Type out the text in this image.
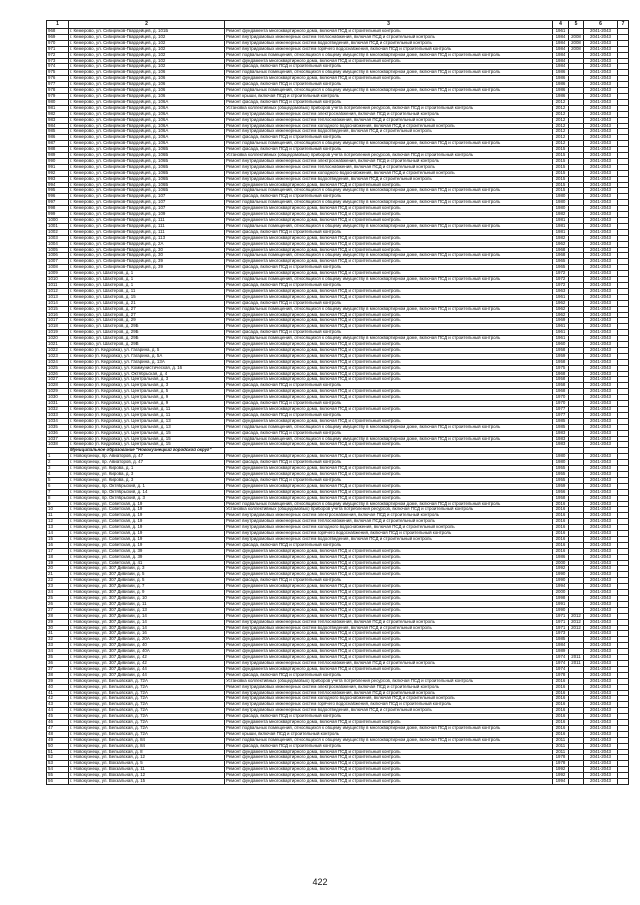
1	2	3	4	5	6	7
968	г. Кемерово, ул. Сибиряков-Гвардейцев, д. 101Б	Ремонт фундамента многоквартирного дома, включая ПСД и строительный контроль	1961		2041-2043	
969	г. Кемерово, ул. Сибиряков-Гвардейцев, д. 102	Ремонт внутридомовых инженерных систем теплоснабжения, включая ПСД и строительный контроль	1984	2008	2041-2043	
970	г. Кемерово, ул. Сибиряков-Гвардейцев, д. 102	Ремонт внутридомовых инженерных систем водоотведения, включая ПСД и строительный контроль	1984	2008	2041-2043	
971	г. Кемерово, ул. Сибиряков-Гвардейцев, д. 102	Ремонт внутридомовых инженерных систем горячего водоснабжения, включая ПСД и строительный контроль	1984	2008	2041-2043	
972	г. Кемерово, ул. Сибиряков-Гвардейцев, д. 102	Ремонт подвальных помещений, относящихся к общему имуществу в многоквартирном доме, включая ПСД и строительный контроль	1984		2041-2043	
973	г. Кемерово, ул. Сибиряков-Гвардейцев, д. 102	Ремонт фундамента многоквартирного дома, включая ПСД и строительный контроль	1984		2041-2043	
974	г. Кемерово, ул. Сибиряков-Гвардейцев, д. 102	Ремонт фасада, включая ПСД и строительный контроль	1984		2041-2043	
975	г. Кемерово, ул. Сибиряков-Гвардейцев, д. 106	Ремонт подвальных помещений, относящихся к общему имуществу в многоквартирном доме, включая ПСД и строительный контроль	1986		2041-2043	
976	г. Кемерово, ул. Сибиряков-Гвардейцев, д. 106	Ремонт фундамента многоквартирного дома, включая ПСД и строительный контроль	1986		2041-2043	
977	г. Кемерово, ул. Сибиряков-Гвардейцев, д. 106	Ремонт фасада, включая ПСД и строительный контроль	1986		2041-2043	
978	г. Кемерово, ул. Сибиряков-Гвардейцев, д. 106	Ремонт подвальных помещений, относящихся к общему имуществу в многоквартирном доме, включая ПСД и строительный контроль	1986		2041-2043	
979	г. Кемерово, ул. Сибиряков-Гвардейцев, д. 106	Ремонт крыши, включая ПСД и строительный контроль	1986		2041-2043	
980	г. Кемерово, ул. Сибиряков-Гвардейцев, д. 106А	Ремонт фасада, включая ПСД и строительный контроль	2012		2041-2043	
981	г. Кемерово, ул. Сибиряков-Гвардейцев, д. 106А	Установка коллективных (общедомовых) приборов учета потребления ресурсов, включая ПСД и строительный контроль	2012		2041-2043	
982	г. Кемерово, ул. Сибиряков-Гвардейцев, д. 106А	Ремонт внутридомовых инженерных систем электроснабжения, включая ПСД и строительный контроль	2012		2041-2043	
983	г. Кемерово, ул. Сибиряков-Гвардейцев, д. 106А	Ремонт внутридомовых инженерных систем теплоснабжения, включая ПСД и строительный контроль	2012		2041-2043	
984	г. Кемерово, ул. Сибиряков-Гвардейцев, д. 106А	Ремонт внутридомовых инженерных систем холодного водоснабжения, включая ПСД и строительный контроль	2012		2041-2043	
985	г. Кемерово, ул. Сибиряков-Гвардейцев, д. 106А	Ремонт внутридомовых инженерных систем водоотведения, включая ПСД и строительный контроль	2012		2041-2043	
986	г. Кемерово, ул. Сибиряков-Гвардейцев, д. 106А	Ремонт фасада, включая ПСД и строительный контроль	2012		2041-2043	
987	г. Кемерово, ул. Сибиряков-Гвардейцев, д. 106А	Ремонт подвальных помещений, относящихся к общему имуществу в многоквартирном доме, включая ПСД и строительный контроль	2012		2041-2043	
988	г. Кемерово, ул. Сибиряков-Гвардейцев, д. 106Б	Ремонт фасада, включая ПСД и строительный контроль	2015		2041-2043	
989	г. Кемерово, ул. Сибиряков-Гвардейцев, д. 106Б	Установка коллективных (общедомовых) приборов учета потребления ресурсов, включая ПСД и строительный контроль	2015		2041-2043	
990	г. Кемерово, ул. Сибиряков-Гвардейцев, д. 106Б	Ремонт внутридомовых инженерных систем электроснабжения, включая ПСД и строительный контроль	2015		2041-2043	
991	г. Кемерово, ул. Сибиряков-Гвардейцев, д. 106Б	Ремонт внутридомовых инженерных систем теплоснабжения, включая ПСД и строительный контроль	2015		2041-2043	
992	г. Кемерово, ул. Сибиряков-Гвардейцев, д. 106Б	Ремонт внутридомовых инженерных систем холодного водоснабжения, включая ПСД и строительный контроль	2015		2041-2043	
993	г. Кемерово, ул. Сибиряков-Гвардейцев, д. 106Б	Ремонт внутридомовых инженерных систем водоотведения, включая ПСД и строительный контроль	2015		2041-2043	
994	г. Кемерово, ул. Сибиряков-Гвардейцев, д. 106Б	Ремонт фундамента многоквартирного дома, включая ПСД и строительный контроль	2015		2041-2043	
995	г. Кемерово, ул. Сибиряков-Гвардейцев, д. 106Б	Ремонт подвальных помещений, относящихся к общему имуществу в многоквартирном доме, включая ПСД и строительный контроль	2015		2041-2043	
996	г. Кемерово, ул. Сибиряков-Гвардейцев, д. 107	Ремонт фасада, включая ПСД и строительный контроль	1980		2041-2043	
997	г. Кемерово, ул. Сибиряков-Гвардейцев, д. 107	Ремонт подвальных помещений, относящихся к общему имуществу в многоквартирном доме, включая ПСД и строительный контроль	1980		2041-2043	
998	г. Кемерово, ул. Сибиряков-Гвардейцев, д. 107	Ремонт фундамента многоквартирного дома, включая ПСД и строительный контроль	1980		2041-2043	
999	г. Кемерово, ул. Сибиряков-Гвардейцев, д. 109	Ремонт фундамента многоквартирного дома, включая ПСД и строительный контроль	1982		2041-2043	
1000	г. Кемерово, ул. Сибиряков-Гвардейцев, д. 111	Ремонт фундамента многоквартирного дома, включая ПСД и строительный контроль	1981		2041-2043	
1001	г. Кемерово, ул. Сибиряков-Гвардейцев, д. 111	Ремонт подвальных помещений, относящихся к общему имуществу в многоквартирном доме, включая ПСД и строительный контроль	1981		2041-2043	
1002	г. Кемерово, ул. Сибиряков-Гвардейцев, д. 111	Ремонт фасада, включая ПСД и строительный контроль	1981		2041-2043	
1003	г. Кемерово, ул. Сибиряков-Гвардейцев, д. 113	Ремонт фундамента многоквартирного дома, включая ПСД и строительный контроль	1982		2041-2043	
1004	г. Кемерово, ул. Сибиряков-Гвардейцев, д. 2А	Ремонт фундамента многоквартирного дома, включая ПСД и строительный контроль	1962		2041-2043	
1005	г. Кемерово, ул. Сибиряков-Гвардейцев, д. 30	Ремонт фундамента многоквартирного дома, включая ПСД и строительный контроль	1968		2041-2043	
1006	г. Кемерово, ул. Сибиряков-Гвардейцев, д. 30	Ремонт подвальных помещений, относящихся к общему имуществу в многоквартирном доме, включая ПСД и строительный контроль	1968		2041-2043	
1007	г. Кемерово, ул. Сибиряков-Гвардейцев, д. 39	Ремонт фундамента многоквартирного дома, включая ПСД и строительный контроль	1965		2041-2043	
1008	г. Кемерово, ул. Сибиряков-Гвардейцев, д. 39	Ремонт фасада, включая ПСД и строительный контроль	1965		2041-2043	
1009	г. Кемерово, ул. Шахтеров, д. 1	Ремонт фундамента многоквартирного дома, включая ПСД и строительный контроль	1972		2041-2043	
1010	г. Кемерово, ул. Шахтеров, д. 1	Ремонт подвальных помещений, относящихся к общему имуществу в многоквартирном доме, включая ПСД и строительный контроль	1972		2041-2043	
1011	г. Кемерово, ул. Шахтеров, д. 1	Ремонт фасада, включая ПСД и строительный контроль	1972		2041-2043	
1012	г. Кемерово, ул. Шахтеров, д. 11	Ремонт фундамента многоквартирного дома, включая ПСД и строительный контроль	1963		2041-2043	
1013	г. Кемерово, ул. Шахтеров, д. 15	Ремонт фундамента многоквартирного дома, включая ПСД и строительный контроль	1961		2041-2043	
1014	г. Кемерово, ул. Шахтеров, д. 21	Ремонт фасада, включая ПСД и строительный контроль	1962		2041-2043	
1015	г. Кемерово, ул. Шахтеров, д. 27	Ремонт подвальных помещений, относящихся к общему имуществу в многоквартирном доме, включая ПСД и строительный контроль	1962		2041-2043	
1016	г. Кемерово, ул. Шахтеров, д. 27	Ремонт фундамента многоквартирного дома, включая ПСД и строительный контроль	1962		2041-2043	
1017	г. Кемерово, ул. Шахтеров, д. 29	Ремонт фундамента многоквартирного дома, включая ПСД и строительный контроль	1969		2041-2043	
1018	г. Кемерово, ул. Шахтеров, д. 29Б	Ремонт фундамента многоквартирного дома, включая ПСД и строительный контроль	1961		2041-2043	
1019	г. Кемерово, ул. Шахтеров, д. 29Б	Ремонт фасада, включая ПСД и строительный контроль	1961		2041-2043	
1020	г. Кемерово, ул. Шахтеров, д. 29Б	Ремонт подвальных помещений, относящихся к общему имуществу в многоквартирном доме, включая ПСД и строительный контроль	1961		2041-2043	
1021	г. Кемерово, ул. Шахтеров, д. 29В	Ремонт фундамента многоквартирного дома, включая ПСД и строительный контроль	1960		2041-2043	
1022	г. Кемерово (п. Кедровка), ул. Гагарина, д. 5	Ремонт фундамента многоквартирного дома, включая ПСД и строительный контроль	1958		2041-2043	
1023	г. Кемерово (п. Кедровка), ул. Гагарина, д. 5А	Ремонт фундамента многоквартирного дома, включая ПСД и строительный контроль	1959		2041-2043	
1024	г. Кемерово (п. Кедровка), ул. Гагарина, д. 13А	Ремонт фундамента многоквартирного дома, включая ПСД и строительный контроль	1958		2041-2043	
1025	г. Кемерово (п. Кедровка), ул. Коммунистическая, д. 16	Ремонт фундамента многоквартирного дома, включая ПСД и строительный контроль	1975		2041-2043	
1026	г. Кемерово (п. Кедровка), ул. Октябрьская, д. 4	Ремонт фундамента многоквартирного дома, включая ПСД и строительный контроль	1968		2041-2043	
1027	г. Кемерово (п. Кедровка), ул. Центральная, д. 3	Ремонт фундамента многоквартирного дома, включая ПСД и строительный контроль	1958		2041-2043	
1028	г. Кемерово (п. Кедровка), ул. Центральная, д. 3	Ремонт фасада, включая ПСД и строительный контроль	1958		2041-2043	
1029	г. Кемерово (п. Кедровка), ул. Центральная, д. 5	Ремонт фундамента многоквартирного дома, включая ПСД и строительный контроль	1968		2041-2043	
1030	г. Кемерово (п. Кедровка), ул. Центральная, д. 9	Ремонт фундамента многоквартирного дома, включая ПСД и строительный контроль	1970		2041-2043	
1031	г. Кемерово (п. Кедровка), ул. Центральная, д. 9	Ремонт фасада, включая ПСД и строительный контроль	1970		2041-2043	
1032	г. Кемерово (п. Кедровка), ул. Центральная, д. 11	Ремонт фундамента многоквартирного дома, включая ПСД и строительный контроль	1977		2041-2043	
1033	г. Кемерово (п. Кедровка), ул. Центральная, д. 11	Ремонт фасада, включая ПСД и строительный контроль	1977		2041-2043	
1034	г. Кемерово (п. Кедровка), ул. Центральная, д. 13	Ремонт фундамента многоквартирного дома, включая ПСД и строительный контроль	1985		2041-2043	
1035	г. Кемерово (п. Кедровка), ул. Центральная, д. 13	Ремонт подвальных помещений, относящихся к общему имуществу в многоквартирном доме, включая ПСД и строительный контроль	1985		2041-2043	
1036	г. Кемерово (п. Кедровка), ул. Центральная, д. 15	Ремонт фасада, включая ПСД и строительный контроль	1983		2041-2043	
1037	г. Кемерово (п. Кедровка), ул. Центральная, д. 15	Ремонт подвальных помещений, относящихся к общему имуществу в многоквартирном доме, включая ПСД и строительный контроль	1983		2041-2043	
1038	г. Кемерово (п. Кедровка), ул. Центральная, д. 15	Ремонт фундамента многоквартирного дома, включая ПСД и строительный контроль	1983		2041-2043	
	Муниципальное образование "Новокузнецкий городской округ"					
1	г. Новокузнецк, пр. Авиаторов, д. 47	Ремонт фундамента многоквартирного дома, включая ПСД и строительный контроль	1980		2041-2043	
2	г. Новокузнецк, пр. Авиаторов, д. 47	Ремонт фасада, включая ПСД и строительный контроль	1980		2041-2043	
3	г. Новокузнецк, ул. Кирова, д. 1	Ремонт фундамента многоквартирного дома, включая ПСД и строительный контроль	1955		2041-2043	
4	г. Новокузнецк, ул. Кирова, д. 3	Ремонт фундамента многоквартирного дома, включая ПСД и строительный контроль	1955		2041-2043	
5	г. Новокузнецк, ул. Кирова, д. 3	Ремонт фасада, включая ПСД и строительный контроль	1955		2041-2043	
6	г. Новокузнецк, пр. Октябрьский, д. 1	Ремонт фундамента многоквартирного дома, включая ПСД и строительный контроль	1959		2041-2043	
7	г. Новокузнецк, пр. Октябрьский, д. 14	Ремонт фундамента многоквартирного дома, включая ПСД и строительный контроль	1956		2041-2043	
8	г. Новокузнецк, пр. Октябрьский, д. 3	Ремонт фундамента многоквартирного дома, включая ПСД и строительный контроль	1958		2041-2043	
9	г. Новокузнецк, ул. Советская, д. 19	Ремонт подвальных помещений, относящихся к общему имуществу в многоквартирном доме, включая ПСД и строительный контроль	2016		2041-2043	
10	г. Новокузнецк, ул. Советская, д. 19	Установка коллективных (общедомовых) приборов учета потребления ресурсов, включая ПСД и строительный контроль	2016		2041-2043	
11	г. Новокузнецк, ул. Советская, д. 19	Ремонт внутридомовых инженерных систем электроснабжения, включая ПСД и строительный контроль	2016		2041-2043	
12	г. Новокузнецк, ул. Советская, д. 19	Ремонт внутридомовых инженерных систем теплоснабжения, включая ПСД и строительный контроль	2016		2041-2043	
13	г. Новокузнецк, ул. Советская, д. 19	Ремонт внутридомовых инженерных систем холодного водоснабжения, включая ПСД и строительный контроль	2016		2041-2043	
14	г. Новокузнецк, ул. Советская, д. 19	Ремонт внутридомовых инженерных систем горячего водоснабжения, включая ПСД и строительный контроль	2016		2041-2043	
15	г. Новокузнецк, ул. Советская, д. 19	Ремонт внутридомовых инженерных систем водоотведения, включая ПСД и строительный контроль	2016		2041-2043	
16	г. Новокузнецк, ул. Советская, д. 19	Ремонт фасада, включая ПСД и строительный контроль	2016		2041-2043	
17	г. Новокузнецк, ул. Советская, д. 39	Ремонт фундамента многоквартирного дома, включая ПСД и строительный контроль	2016		2041-2043	
18	г. Новокузнецк, ул. Советская, д. 39	Ремонт фундамента многоквартирного дома, включая ПСД и строительный контроль	1986		2041-2043	
19	г. Новокузнецк, ул. Советская, д. 41	Ремонт фундамента многоквартирного дома, включая ПСД и строительный контроль	2000		2041-2043	
20	г. Новокузнецк, ул. 307 Дивизии, д. 3	Ремонт фундамента многоквартирного дома, включая ПСД и строительный контроль	1992		2041-2043	
21	г. Новокузнецк, ул. 307 Дивизии, д. 5	Ремонт фундамента многоквартирного дома, включая ПСД и строительный контроль	1990		2041-2043	
22	г. Новокузнецк, ул. 307 Дивизии, д. 5	Ремонт фасада, включая ПСД и строительный контроль	1990		2041-2043	
23	г. Новокузнецк, ул. 307 Дивизии, д. 7	Ремонт фундамента многоквартирного дома, включая ПСД и строительный контроль	1994		2041-2043	
24	г. Новокузнецк, ул. 307 Дивизии, д. 9	Ремонт фундамента многоквартирного дома, включая ПСД и строительный контроль	2000		2041-2043	
25	г. Новокузнецк, ул. 307 Дивизии, д. 10	Ремонт фундамента многоквартирного дома, включая ПСД и строительный контроль	1998		2041-2043	
26	г. Новокузнецк, ул. 307 Дивизии, д. 11	Ремонт фундамента многоквартирного дома, включая ПСД и строительный контроль	1991		2041-2043	
27	г. Новокузнецк, ул. 307 Дивизии, д. 13	Ремонт фундамента многоквартирного дома, включая ПСД и строительный контроль	1990		2041-2043	
28	г. Новокузнецк, ул. 307 Дивизии, д. 14	Ремонт фундамента многоквартирного дома, включая ПСД и строительный контроль	1971	2012	2041-2043	
29	г. Новокузнецк, ул. 307 Дивизии, д. 14	Ремонт внутридомовых инженерных систем теплоснабжения, включая ПСД и строительный контроль	1971	2012	2041-2043	
30	г. Новокузнецк, ул. 307 Дивизии, д. 14	Ремонт внутридомовых инженерных систем водоотведения, включая ПСД и строительный контроль	1971	2012	2041-2043	
31	г. Новокузнецк, ул. 307 Дивизии, д. 16	Ремонт фундамента многоквартирного дома, включая ПСД и строительный контроль	1973		2041-2043	
32	г. Новокузнецк, ул. 307 Дивизии, д. 20А	Ремонт фундамента многоквартирного дома, включая ПСД и строительный контроль	1985		2041-2043	
33	г. Новокузнецк, ул. 307 Дивизии, д. 40	Ремонт фундамента многоквартирного дома, включая ПСД и строительный контроль	1984		2041-2043	
34	г. Новокузнецк, ул. 307 Дивизии, д. 40А	Ремонт фундамента многоквартирного дома, включая ПСД и строительный контроль	1989		2041-2043	
35	г. Новокузнецк, ул. 307 Дивизии, д. 42	Ремонт фундамента многоквартирного дома, включая ПСД и строительный контроль	1974	2011	2041-2043	
36	г. Новокузнецк, ул. 307 Дивизии, д. 42	Ремонт внутридомовых инженерных систем теплоснабжения, включая ПСД и строительный контроль	1974	2011	2041-2043	
37	г. Новокузнецк, ул. 307 Дивизии, д. 44	Ремонт фундамента многоквартирного дома, включая ПСД и строительный контроль	1974		2041-2043	
38	г. Новокузнецк, ул. 307 Дивизии, д. 44	Ремонт фасада, включая ПСД и строительный контроль	1978		2041-2043	
39	г. Новокузнецк, ул. Бельовская, д. 72А	Установка коллективных (общедомовых) приборов учета потребления ресурсов, включая ПСД и строительный контроль	2016		2041-2043	
40	г. Новокузнецк, ул. Бельовская, д. 72А	Ремонт внутридомовых инженерных систем электроснабжения, включая ПСД и строительный контроль	2016		2041-2043	
41	г. Новокузнецк, ул. Бельовская, д. 72А	Ремонт внутридомовых инженерных систем теплоснабжения, включая ПСД и строительный контроль	2016		2041-2043	
42	г. Новокузнецк, ул. Бельовская, д. 72А	Ремонт внутридомовых инженерных систем холодного водоснабжения, включая ПСД и строительный контроль	2016		2041-2043	
43	г. Новокузнецк, ул. Бельовская, д. 72А	Ремонт внутридомовых инженерных систем горячего водоснабжения, включая ПСД и строительный контроль	2016		2041-2043	
44	г. Новокузнецк, ул. Бельовская, д. 72А	Ремонт внутридомовых инженерных систем водоотведения, включая ПСД и строительный контроль	2016		2041-2043	
45	г. Новокузнецк, ул. Бельовская, д. 72А	Ремонт фасада, включая ПСД и строительный контроль	2016		2041-2043	
46	г. Новокузнецк, ул. Бельовская, д. 72А	Ремонт фундамента многоквартирного дома, включая ПСД и строительный контроль	2016		2041-2043	
47	г. Новокузнецк, ул. Бельовская, д. 72А	Ремонт подвальных помещений, относящихся к общему имуществу в многоквартирном доме, включая ПСД и строительный контроль	2016		2041-2043	
48	г. Новокузнецк, ул. Бельовская, д. 72А	Ремонт крыши, включая ПСД и строительный контроль	2016		2041-2043	
49	г. Новокузнецк, ул. Бельовская, д. 84	Ремонт подвальных помещений, относящихся к общему имуществу в многоквартирном доме, включая ПСД и строительный контроль	2011		2041-2043	
50	г. Новокузнецк, ул. Бельовская, д. 84	Ремонт фасада, включая ПСД и строительный контроль	2011		2041-2043	
51	г. Новокузнецк, ул. Бельовская, д. 8	Ремонт фундамента многоквартирного дома, включая ПСД и строительный контроль	2011		2041-2043	
52	г. Новокузнецк, ул. Бельовская, д. 12	Ремонт фундамента многоквартирного дома, включая ПСД и строительный контроль	1978		2041-2043	
53	г. Новокузнецк, ул. Вокзальная, д. 5	Ремонт фундамента многоквартирного дома, включая ПСД и строительный контроль	1978		2041-2043	
54	г. Новокузнецк, ул. Вокзальная, д. 11	Ремонт фундамента многоквартирного дома, включая ПСД и строительный контроль	1992		2041-2043	
55	г. Новокузнецк, ул. Вокзальная, д. 12	Ремонт фундамента многоквартирного дома, включая ПСД и строительный контроль	1992		2041-2043	
56	г. Новокузнецк, ул. Вокзальная, д. 15	Ремонт фундамента многоквартирного дома, включая ПСД и строительный контроль	1994		2041-2043	
422
